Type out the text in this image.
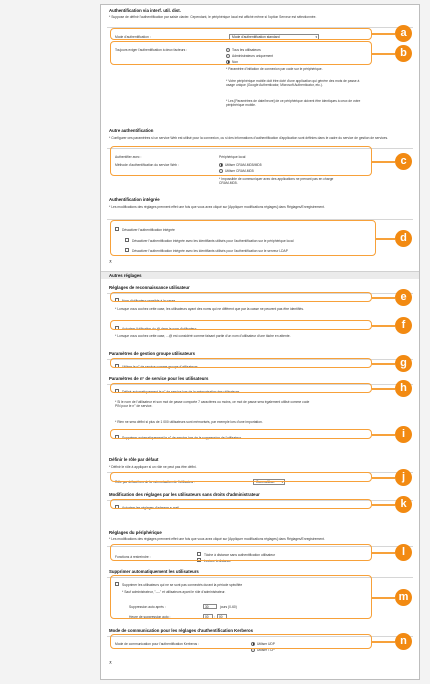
Authentification via interf. util. dist.
* Suppose de définir l'authentification par saisie clavier. Cependant, le périphérique local est affiché même si l'option Serveur est sélectionnée.
Mode d'authentification :	Mode d'authentification standard	▾
Toujours exiger l'authentification à deux facteurs :	Tous les utilisateurs
Administrateurs uniquement
Non
* Paramètre d'initiation de connexion par code sur le périphérique.
* Votre périphérique mobile doit être doté d'une application qui génère des mots de passe à usage unique (Google Authenticator, Microsoft Authenticator, etc.).
* Les [Paramètres de date/heure] de ce périphérique doivent être identiques à ceux de votre périphérique mobile.
Autre authentification
* Configurer ces paramètres si un service Web est utilisé pour la connexion, ou si des informations d'authentification d'application sont définies dans le cadre du service de gestion de services.
Authentifier avec :	Périphérique local
Méthode d'authentification du service Web :	Utiliser CRAM-MD5/MD5
Utiliser CRAM-MD5
* Impossible de communiquer avec des applications ne prenant pas en charge CRAM-MD5.
Authentification intégrée
* Les modifications des réglages prennent effet une fois que vous avez cliqué sur [Appliquer modifications réglages] dans Réglages/Enregistrement.
Désactiver l'authentification intégrée
Désactiver l'authentification intégrée avec les identifiants utilisés pour l'authentification sur le périphérique local
Désactiver l'authentification intégrée avec les identifiants utilisés pour l'authentification sur le serveur LDAP
⊼
Autres réglages
Réglages de reconnaissance utilisateur
Nom d'utilisateur sensible à la casse
* Lorsque vous cochez cette case, les utilisateurs ayant des noms qui ne diffèrent que par la casse ne peuvent pas être identifiés.
Autoriser l'utilisation du @ dans le nom d'utilisateur
* Lorsque vous cochez cette case, ...@ est considéré comme faisant partie d'un nom d'utilisateur d'une tâche en attente.
Paramètres de gestion groupe utilisateurs
Utiliser le n° de service comme groupe d'utilisateurs
Paramètres de n° de service pour les utilisateurs
Définir automatiquement le n° de service lors de la mémorisation des utilisateurs
* Si le nom de l'utilisateur et son mot de passe comporte 7 caractères ou moins, ce mot de passe sera également utilisé comme code PIN pour le n° de service.
* Rien ne sera défini si plus de 1 000 utilisateurs sont mémorisés, par exemple lors d'une importation.
Supprimer automatiquement le n° de service lors de la suppression de l'utilisateur
Définir le rôle par défaut
* Définir le rôle à appliquer si un rôle ne peut pas être défini.
Rôle par défaut lors de la mémorisation de l'utilisateur :	GeneralUser ▾
Modification des réglages par les utilisateurs sans droits d'administrateur
Autoriser les réglages d'adresse e-mail
Réglages du périphérique
* Les modifications des réglages prennent effet une fois que vous avez cliqué sur [Appliquer modifications réglages] dans Réglages/Enregistrement.
Fonctions à restreindre :
Tâche à distance sans authentification utilisateur
Lecture à distance
Supprimer automatiquement les utilisateurs
Supprimer les utilisateurs qui ne se sont pas connectés durant la période spécifiée
* Sauf administrateur, "----" et utilisateurs ayant le rôle d'administrateur.
Suppression auto après :	30	jours (0-60)
Heure de suppression auto :	00	:	00
Mode de communication pour les réglages d'authentification Kerberos
Mode de communication pour l'authentification Kerberos :	Utiliser UDP
Utiliser TCP
⊼
a
b
c
d
e
f
g
h
i
j
k
l
m
n
